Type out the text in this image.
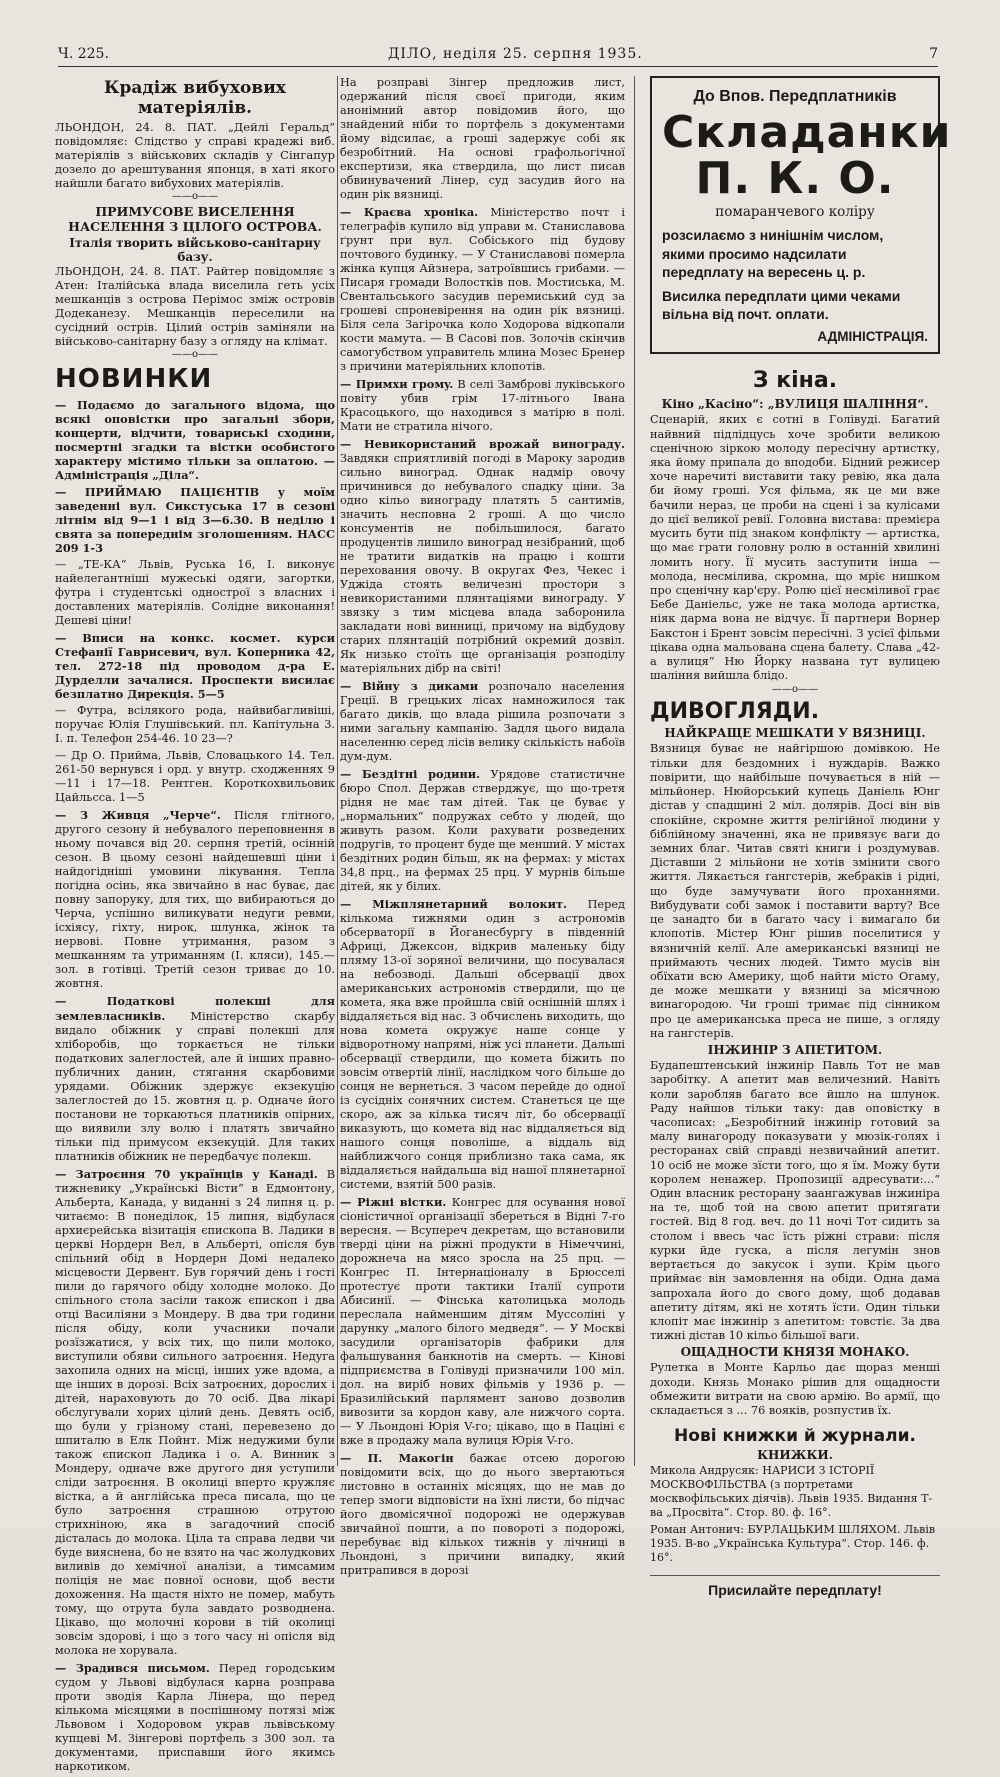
Ч. 225.	ДІЛО, неділя 25. серпня 1935.	7
Крадіж вибухових матеріялів.
ЛЬОНДОН, 24. 8. ПАТ. „Дейлі Геральд“ повідомляє: Слідство у справі крадежі виб. матеріялів з військових складів у Сінгапур дозело до арештування японця, в хаті якого найшли багато вибухових матеріялів.
——o——
ПРИМУСОВЕ ВИСЕЛЕННЯ НАСЕЛЕННЯ З ЦІЛОГО ОСТРОВА.
Італія творить військово-санітарну базу.
ЛЬОНДОН, 24. 8. ПАТ. Райтер повідомляє з Атен: Італійська влада виселила геть усіх мешканців з острова Перімос зміж островів Додеканезу. Мешканців переселили на сусідний острів. Цілий острів заміняли на військово-санітарну базу з огляду на клімат.
——o——
НОВИНКИ

— Подаємо до загального відома, що всякі оповістки про загальні збори, концерти, відчити, товариські сходини, посмертні згадки та вістки особистого характеру містимо тільки за оплатою. — Адміністрація „Діла“.

— ПРИЙМАЮ ПАЦІЄНТІВ у моїм заведенні вул. Сикстуська 17 в сезоні літнім від 9—1 і від 3—6.30. В неділю і свята за попереднім зголошенням. НАСС 209 1-3

— „ТЕ-КА“ Львів, Руська 16, І. виконує найелегантніші мужеські одяги, загортки, футра і студентські однострої з власних і доставлених матеріялів. Солідне виконання! Дешеві ціни!

— Вписи на конкс. космет. курси Стефанії Гавриcевич, вул. Коперника 42, тел. 272-18 під проводом д-ра Е. Дурделли зачалися. Проспекти висилає безплатно Дирекція. 5—5

— Футра, всілякого рода, найвибагливіші, поручає Юлія Глушівський. пл. Капітульна 3. І. п. Телефон 254-46. 10 23—?

— Др О. Приймa, Львів, Словацького 14. Тел. 261-50 вернувся і орд. у внутр. сходженнях 9—11 і 17—18. Рентген. Короткохвильовик Цайльсса. 1—5

— З Живця „Черче“. Після глітного, другого сезону й небувалого переповнення в ньому почався від 20. серпня третій, осінній сезон. В цьому сезоні найдешевші ціни і найдогідніші умовини лікування. Тепла погідна осінь, яка звичайно в нас буває, дає повну запоруку, для тих, що вибираються до Черча, успішно виликувати недуги ревми, ісхіясу, гіхту, нирок, шлунка, жінок та нервові. Повне утримання, разом з мешканням та утриманням (І. кляси), 145.— зол. в готівці. Третій сезон триває до 10. жовтня.

— Податкові полекші для землевласників. Міністерство скарбу видало обіжник у справі полекші для хліборобів, що торкається не тільки податкових залеглостей, але й інших правно-публичних данин, стягання скарбовими урядами. Обіжник здержує екзекуцію залеглостей до 15. жовтня ц. р. Одначе його постанови не торкаються платників опірних, що виявили злу волю і платять звичайно тільки під примусом екзекуцій. Для таких платників обіжник не передбачує полекш.

— Затроєння 70 українців у Канаді. В тижневику „Українські Вісти“ в Едмонтону, Альберта, Канада, у виданні з 24 липня ц. р. читаємо: В понеділок, 15 липня, відбулася архиєрейська візитація єпископа В. Ладики в церкві Нордерн Вел, в Альберті, опісля був спільний обід в Нордерн Домі недалеко місцевости Дервент. Був горячий день і гості пили до гарячого обіду холодне молоко. До спільного стола засіли також єпископ і два отці Василіяни з Мондеру. В два три години після обіду, коли учасники почали розїзжатися, у всіх тих, що пили молоко, виступили обяви сильного затроєння. Недуга захопила одних на місці, інших уже вдома, а ще інших в дорозі. Всіх затроєних, дорослих і дітей, нараховують до 70 осіб. Два лікарі обслугували хорих цілий день. Девять осіб, що були у грізному стані, перевезено до шпиталю в Елк Пойнт. Між недужими були також єпископ Ладика і о. А. Винник з Мондеру, одначе вже другого дня уступили сліди затроєння. В околиці вперто кружляє вістка, а й англійська преса писала, що це було затроєння страшною отрутою стрихніною, яка в загадочний спосіб дісталась до молока. Ціла та справа ледви чи буде вияснена, бо не взято на час жолудкових виливів до хемічної аналізи, а тимсамим поліція не має повної основи, щоб вести дохоження. На щастя ніхто не помер, мабуть тому, що отрута була завдато розводнена. Цікаво, що молочні корови в тій околиці зовсім здорові, і що з того часу ні опісля від молока не хорувала.

— Зрадився письмом. Перед городським судом у Львові відбулася карна розправа проти зводія Карла Лінера, що перед кількома місяцями в поспішному потязі між Львовом і Ходоровом украв львівському купцеві М. Зінгерові портфель з 300 зол. та документами, приспавши його якимсь наркотиком.

На розправі Зінгер предложив лист, одержаний після своєї пригоди, яким анонімний автор повідомив його, що знайдений ніби то портфель з документами йому відсилає, а гроші задержує собі як безробітний. На основі графольогічної експертизи, яка ствердила, що лист писав обвинувачений Лінер, суд засудив його на один рік вязниці.

— Краєва хроніка. Міністерство почт і телеграфів купило від управи м. Станиславова ґрунт при вул. Собіського під будову почтового будинку. — У Станиславові померла жінка купця Айзнера, затроївшись грибами. — Писаря громади Волостків пов. Мостиська, М. Свентальського засудив перемиський суд за грошеві спроневірення на один рік вязниці. Біля села Загірочка коло Ходорова відкопали кости мамута. — В Сасові пов. Золочів скінчив самогубством управитель млина Мозес Бренер з причини матеріяльних клопотів.

— Примхи громy. В селі Замброві луківського повіту убив грім 17-літнього Івана Красоцького, що находився з матірю в полі. Мати не стратила нічого.

— Невикористаний врожай винограду. Завдяки сприятливій погоді в Мароку зародив сильно виноград. Однак надмір овочу причинився до небувалого спадку ціни. За одно кільо винограду платять 5 сантимів, значить несповна 2 гроші. А що число консументів не побільшилося, багато продуцентів лишило виноград незібраний, щоб не тратити видатків на працю і кошти переховання овочу. В округах Фез, Чекес і Уджіда стоять величезні простори з невикористаними плянтаціями винограду. У звязку з тим місцева влада заборонила закладати нові винниці, причому на відбудову старих плянтацій потрібний окремий дозвіл. Як низько стоїть ще організація розподілу матеріяльних дібр на світі!

— Війну з диками розпочало населення Греції. В грецьких лісах намножилося так багато диків, що влада рішила розпочати з ними загальну кампанію. Задля цього видала населенню серед лісів велику скількість набоїв дум-дум.

— Бездітні родини. Урядове статистичне бюро Спол. Держав стверджує, що що-третя рідня не має там дітей. Так це буває у „нормальних“ подружах себто у людей, що живуть разом. Коли рахувати розведених подругів, то процент буде ще менший. У містах бездітних родин більш, як на фермах: у містах 34,8 прц., на фермах 25 прц. У мурнів більше дітей, як у білих.

— Міжплянетарний волокит. Перед кількома тижнями один з астрономів обсерваторії в Йоганесбургу в південній Африці, Джексон, відкрив маленьку біду пляму 13-ої зоряної величини, що посувалася на небозводі. Дальші обсервації двох американських астрономів ствердили, що це комета, яка вже пройшла свій оснішній шлях і віддаляється від нас. З обчислень виходить, що нова комета окружує наше сонце у відворотному напрямі, ніж усі планети. Дальші обсервації ствердили, що комета біжить по зовсім отвертій лінії, наслідком чого більше до сонця не вернеться. З часом перейде до одної із сусідніх сонячних систем. Станеться це ще скорo, аж за кілька тисяч літ, бо обсервації виказують, що комета від нас віддаляється від нашого сонця поволіше, а віддаль від найближчого сонця приблизно така сама, як віддаляється найдальша від нашої плянетарної системи, взятій 500 разів.

— Ріжні вістки. Конгрес для осування нової сіоністичної організації збереться в Відні 7-го вересня. — Всупереч декретам, що встановили тверді ціни на ріжні продукти в Німеччині, дорожнеча на мясо зросла на 25 прц. — Конгрес П. Інтернаціоналу в Брюсселі протестує проти тактики Італії супроти Абисинії. — Фінська католицька молодь переслала найменшим дітям Муссоліні у дарунку „малого білого медведя“. — У Москві засудили організаторів фабрики для фальшування банкнотів на смерть. — Кінові підприємства в Голівуді призначили 100 міл. дол. на виріб нових фільмів у 1936 р. — Бразилійський парлямент заново дозволив вивозити за кордон каву, але нижчого сорта. — У Льондоні Юрія V-го; цікаво, що в Паціні є вже в продажу мала вулиця Юрія V-го.

— П. Макогін бажає отсею дорогою повідомити всіх, що до нього звертаються листовно в останніх місяцях, що не мав до тепер змоги відповісти на їхні листи, бо підчас його двомісячної подорожі не одержував звичайної пошти, а по повороті з подорожі, перебуває від кількох тижнів у лічниці в Льондоні, з причини випадку, який притрапився в дорозі

До Впов. Передплатників
Складанки П. К. О.
помаранчевого коліру
розсилаємо з нинішнім числом, якими просимо надсилати передплату на вересень ц. р.
Висилка передплати цими чеками вільна від почт. оплати.
АДМІНІСТРАЦІЯ.
З кіна.
Кіно „Касіно“: „ВУЛИЦЯ ШАЛІННЯ“.
Сценарій, яких є сотні в Голівуді. Багатий найвний підлідцусь хоче зробити великою сценічною зіркою молоду пересічну артистку, яка йому припала до вподоби. Бідний режисер хоче наречиті виставити таку ревію, яка дала би йому гроші. Уся фільма, як це ми вже бачили нераз, це проби на сцені і за кулісами до цієї великої ревії. Головна вистава: премієра мусить бути під знаком конфлікту — артистка, що має грати головну ролю в останній хвилині ломить ногу. Її мусить заступити інша — молода, несміливa, скромна, що мріє нишком про сценічну кар'єру. Ролю цієї несміливої грає Бебе Даніельс, уже не така молода артистка, ніяк дарма вона не відчує. Її партнери Ворнер Бакстон і Брент зовсім переcічні. З усієї фільми цікава одна мальована сцена балету. Слава „42-а вулиця“ Ню Йорку названа тут вулицею шаління вийшла блідо.
——o——
ДИВОГЛЯДИ.
НАЙКРАЩЕ МЕШКАТИ У ВЯЗНИЦІ.
Вязниця буває не найгіршою домівкою. Не тільки для бездомних і нуждарів. Важко повірити, що найбільше почувається в ній — мільйонер. Нюйорський купець Даніель Юнг дістав у спадщині 2 міл. долярів. Досі він вів спокійне, скромне життя релігійної людини у біблійному значенні, яка не привязує ваги до земних благ. Читав святі книги і роздумував. Діставши 2 мільйони не хотів змінити свого життя. Лякається гангстерів, жебраків і рідні, що буде замучувати його проханнями. Вибудувати собі замок і поставити варту? Все це занадто би в багато часу і вимагало би клопотів. Містер Юнг рішив поселитися у вязничній келії. Але американські вязниці не приймають чесних людей. Тимто мусів він обїхати всю Америку, щоб найти місто Огаму, де може мешкати у вязниці за місячною винагородою. Чи гроші тримає під сінником про це американська преса не пише, з огляду на гангстерів.
ІНЖИНІР З АПЕТИТОМ.
Будапештенський інжинір Павль Тот не мав заробітку. А апетит мав величезний. Навіть коли заробляв багато все йшло на шлунок. Раду найшов тільки таку: дав оповістку в часописах: „Безробітний інжинір готовий за малу винагороду показувати у мюзік-голях і ресторанах свій справді незвичайний апетит. 10 осіб не може зїсти того, що я їм. Можу бути королем ненажер. Пропозиції адресувати:...“ Один власник ресторану заангажував інжиніра на те, щоб той на свою апетит притягати гостей. Від 8 год. веч. до 11 ночі Тот сидить за столом і ввесь час їсть ріжні страви: після курки йде гуска, а після легумін знов вертається до закусок і зупи. Крім цього приймає він замовлення на обіди. Одна дама запрохала його до свого дому, щоб додавав апетиту дітям, які не хотять їсти. Один тільки клопіт має інжинір з апетитом: товстіє. За два тижні дістав 10 кільо більшої ваги.
ОЩАДНОСТИ КНЯЗЯ МОНАКО.
Рулетка в Монте Карльо дає щораз менші доходи. Князь Монако рішив для ощадности обмежити витрати на свою армію. Во армії, що складається з ... 76 вояків, розпустив їх.
Нові книжки й журнали.
КНИЖКИ.
Микола Андрусяк: НАРИСИ З ІСТОРІЇ МОСКВОФІЛЬСТВА (з портретами москвофільських діячів). Львів 1935. Видання Т-ва „Просвіта“. Стор. 80. ф. 16°.
Роман Антонич: БУРЛАЦЬКИМ ШЛЯХОМ. Львів 1935. В-во „Українська Культура“. Стор. 146. ф. 16°.
Присилайте передплату!
